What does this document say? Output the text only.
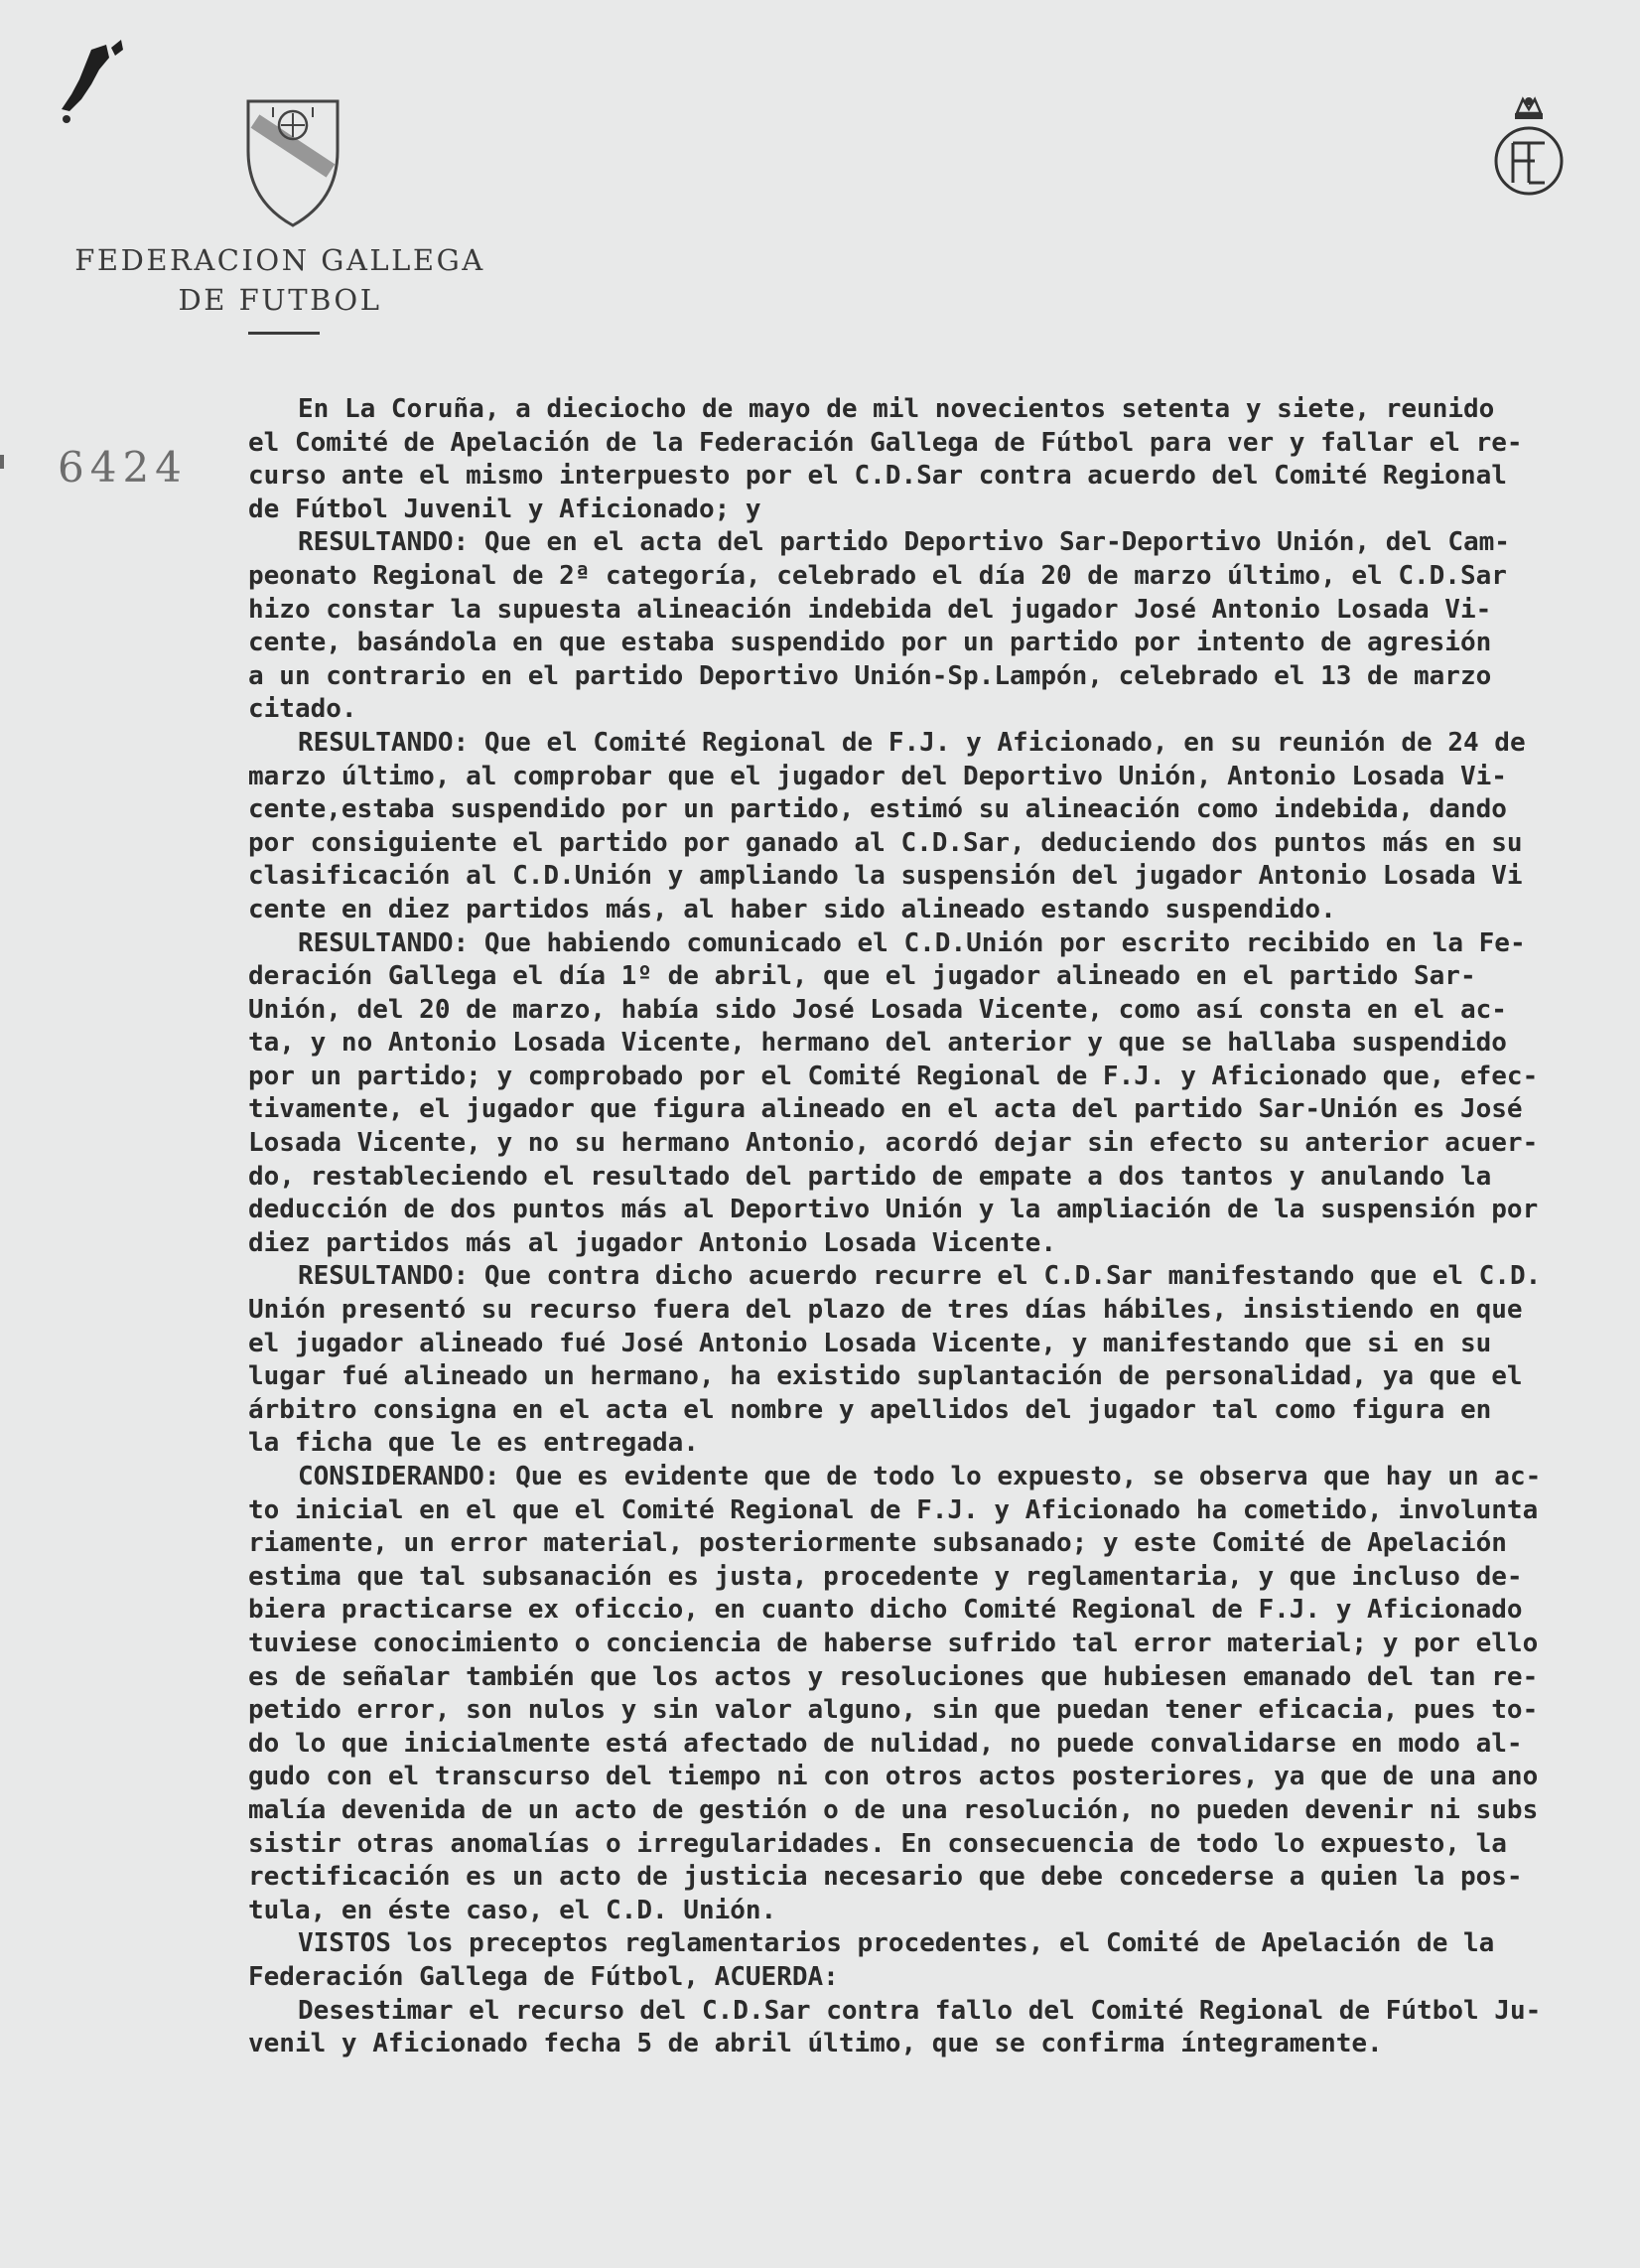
FEDERACION GALLEGA
DE FUTBOL
6424
En La Coruña, a dieciocho de mayo de mil novecientos setenta y siete, reunido
el Comité de Apelación de la Federación Gallega de Fútbol para ver y fallar el re-
curso ante el mismo interpuesto por el C.D.Sar contra acuerdo del Comité Regional
de Fútbol Juvenil y Aficionado; y
RESULTANDO: Que en el acta del partido Deportivo Sar-Deportivo Unión, del Cam-
peonato Regional de 2ª categoría, celebrado el día 20 de marzo último, el C.D.Sar
hizo constar la supuesta alineación indebida del jugador José Antonio Losada Vi-
cente, basándola en que estaba suspendido por un partido por intento de agresión
a un contrario en el partido Deportivo Unión-Sp.Lampón, celebrado el 13 de marzo
citado.
RESULTANDO: Que el Comité Regional de F.J. y Aficionado, en su reunión de 24 de
marzo último, al comprobar que el jugador del Deportivo Unión, Antonio Losada Vi-
cente,estaba suspendido por un partido, estimó su alineación como indebida, dando
por consiguiente el partido por ganado al C.D.Sar, deduciendo dos puntos más en su
clasificación al C.D.Unión y ampliando la suspensión del jugador Antonio Losada Vi
cente en diez partidos más, al haber sido alineado estando suspendido.
RESULTANDO: Que habiendo comunicado el C.D.Unión por escrito recibido en la Fe-
deración Gallega el día 1º de abril, que el jugador alineado en el partido Sar-
Unión, del 20 de marzo, había sido José Losada Vicente, como así consta en el ac-
ta, y no Antonio Losada Vicente, hermano del anterior y que se hallaba suspendido
por un partido; y comprobado por el Comité Regional de F.J. y Aficionado que, efec-
tivamente, el jugador que figura alineado en el acta del partido Sar-Unión es José
Losada Vicente, y no su hermano Antonio, acordó dejar sin efecto su anterior acuer-
do, restableciendo el resultado del partido de empate a dos tantos y anulando la
deducción de dos puntos más al Deportivo Unión y la ampliación de la suspensión por
diez partidos más al jugador Antonio Losada Vicente.
RESULTANDO: Que contra dicho acuerdo recurre el C.D.Sar manifestando que el C.D.
Unión presentó su recurso fuera del plazo de tres días hábiles, insistiendo en que
el jugador alineado fué José Antonio Losada Vicente, y manifestando que si en su
lugar fué alineado un hermano, ha existido suplantación de personalidad, ya que el
árbitro consigna en el acta el nombre y apellidos del jugador tal como figura en
la ficha que le es entregada.
CONSIDERANDO: Que es evidente que de todo lo expuesto, se observa que hay un ac-
to inicial en el que el Comité Regional de F.J. y Aficionado ha cometido, involunta
riamente, un error material, posteriormente subsanado; y este Comité de Apelación
estima que tal subsanación es justa, procedente y reglamentaria, y que incluso de-
biera practicarse ex oficcio, en cuanto dicho Comité Regional de F.J. y Aficionado
tuviese conocimiento o conciencia de haberse sufrido tal error material; y por ello
es de señalar también que los actos y resoluciones que hubiesen emanado del tan re-
petido error, son nulos y sin valor alguno, sin que puedan tener eficacia, pues to-
do lo que inicialmente está afectado de nulidad, no puede convalidarse en modo al-
gudo con el transcurso del tiempo ni con otros actos posteriores, ya que de una ano
malía devenida de un acto de gestión o de una resolución, no pueden devenir ni subs
sistir otras anomalías o irregularidades. En consecuencia de todo lo expuesto, la
rectificación es un acto de justicia necesario que debe concederse a quien la pos-
tula, en éste caso, el C.D. Unión.
VISTOS los preceptos reglamentarios procedentes, el Comité de Apelación de la
Federación Gallega de Fútbol, ACUERDA:
Desestimar el recurso del C.D.Sar contra fallo del Comité Regional de Fútbol Ju-
venil y Aficionado fecha 5 de abril último, que se confirma íntegramente.
